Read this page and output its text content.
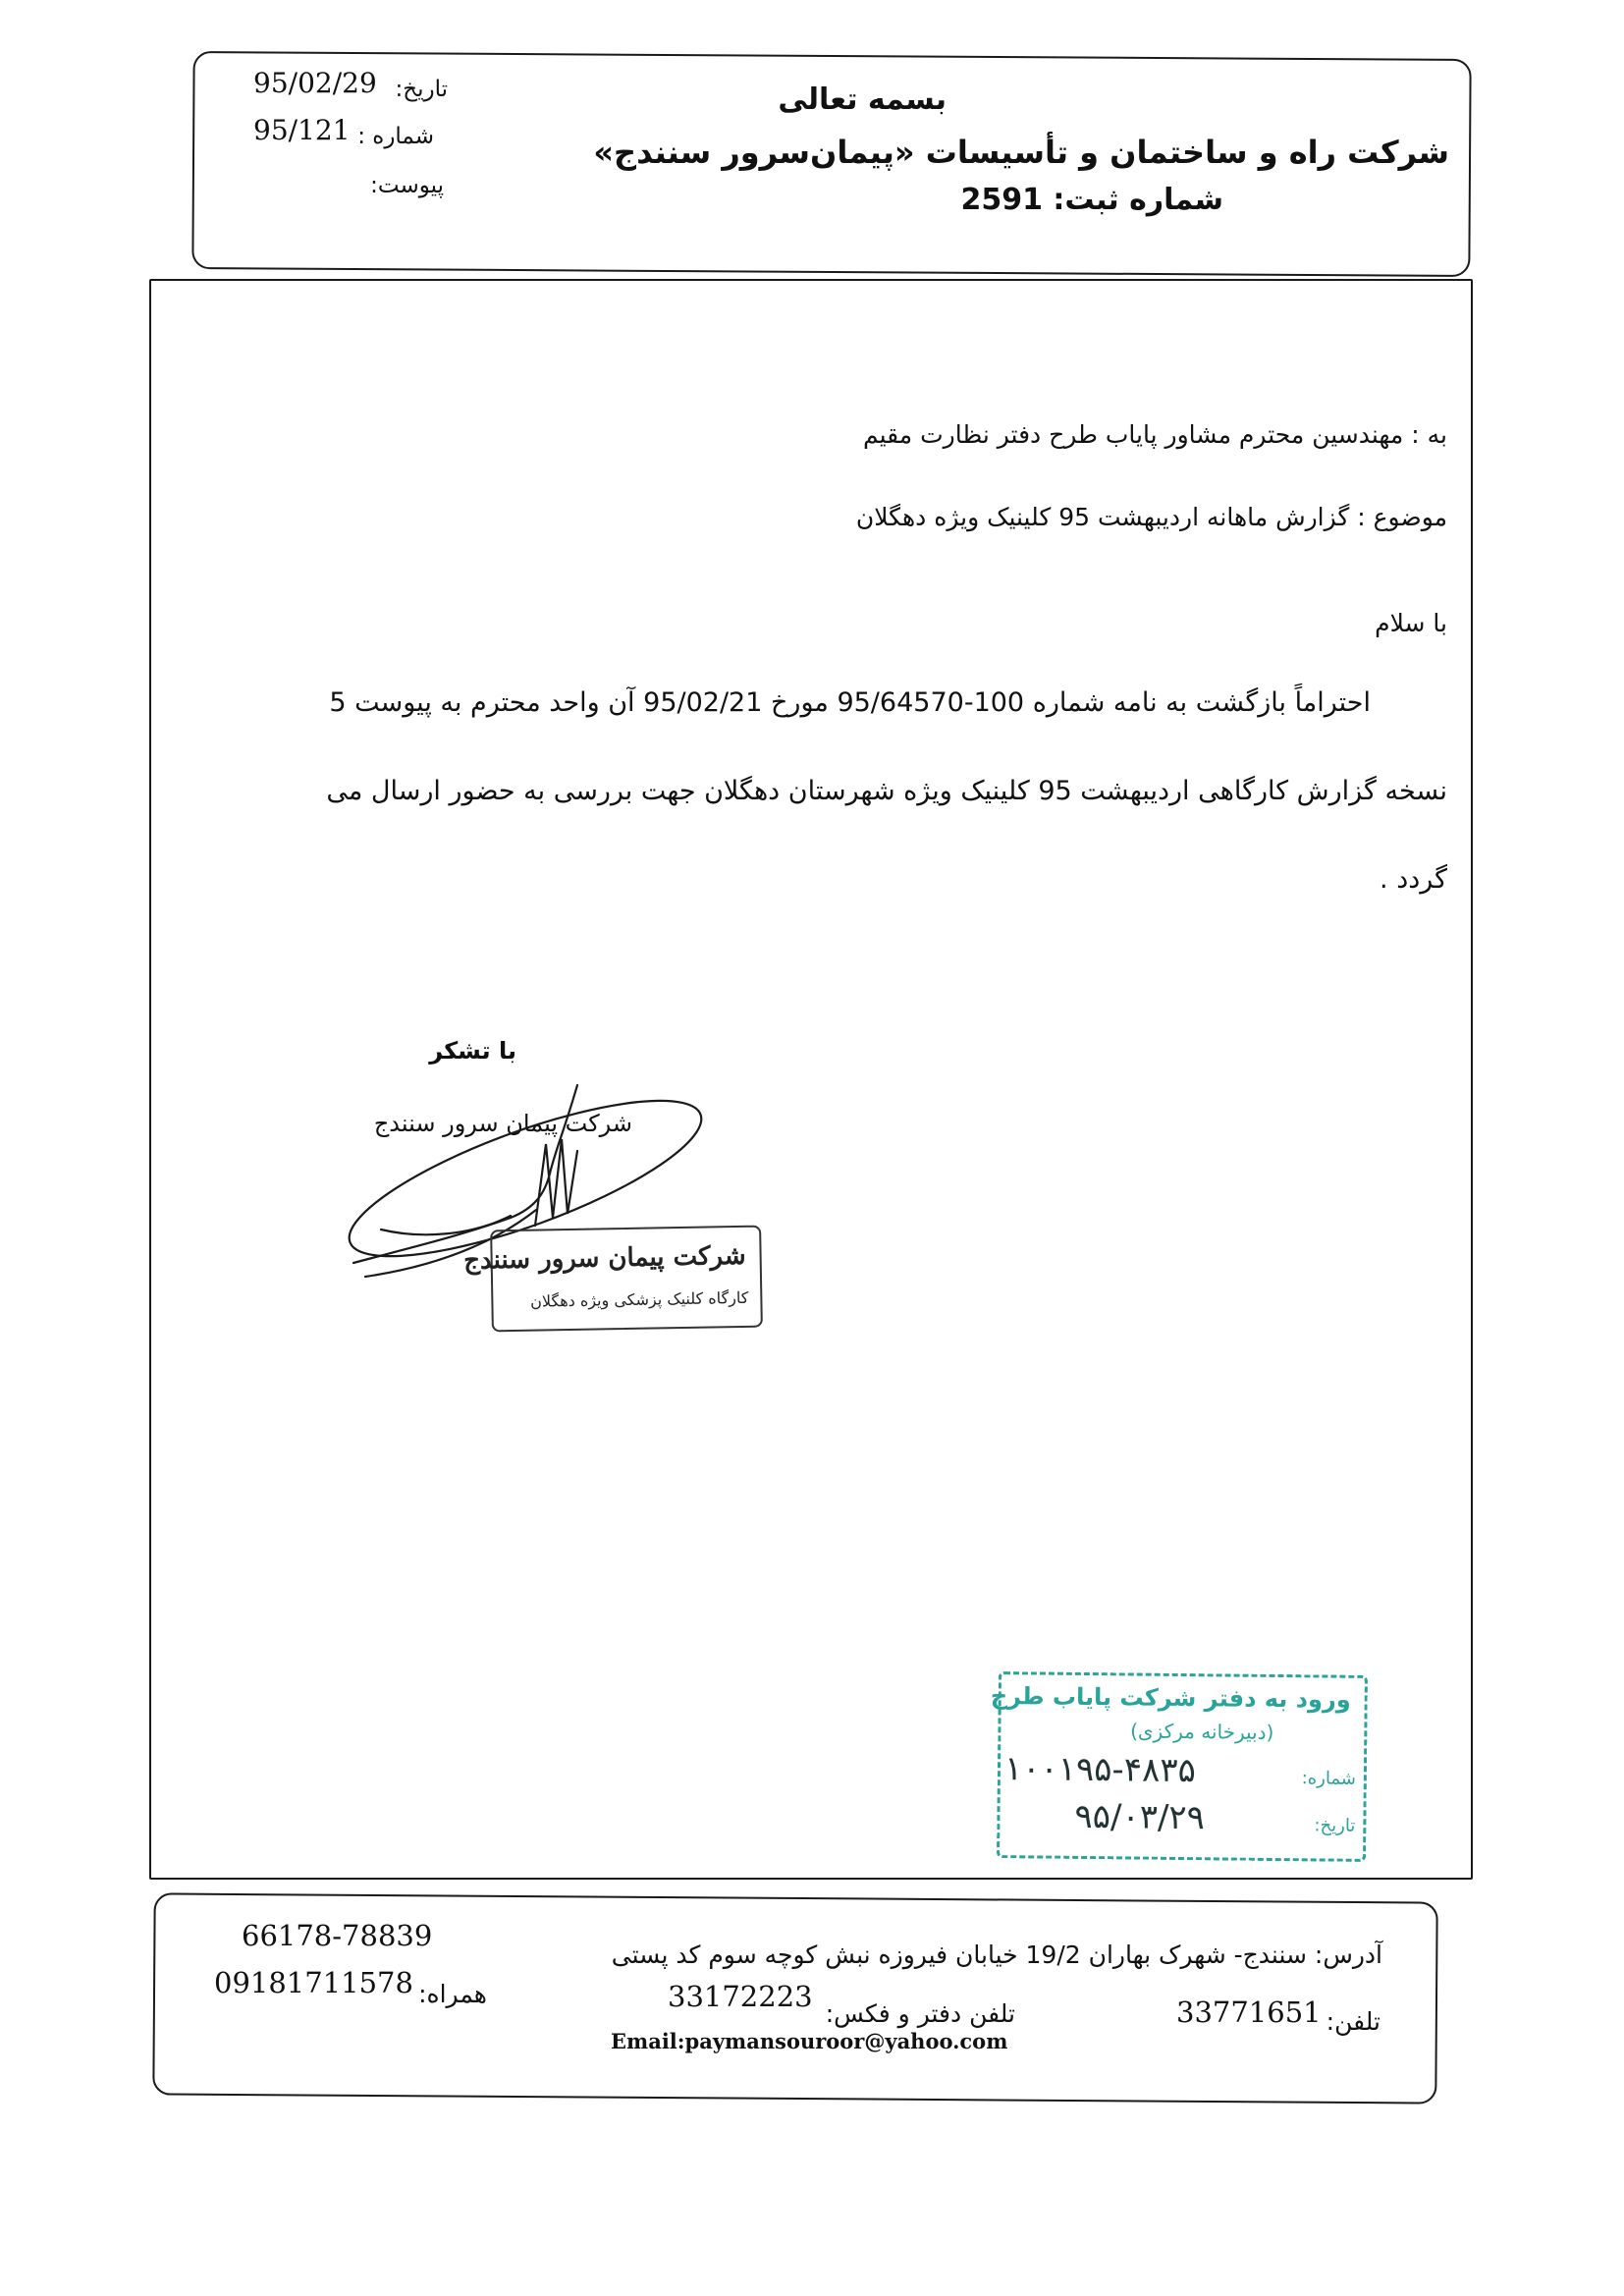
بسمه تعالی
شرکت راه و ساختمان و تأسیسات «پیمان‌سرور سنندج»
شماره ثبت: 2591
تاریخ:
95/02/29
شماره :
95/121
پیوست:
به : مهندسین محترم مشاور پایاب طرح دفتر نظارت مقیم
موضوع : گزارش ماهانه اردیبهشت 95 کلینیک ویژه دهگلان
با سلام
احتراماً بازگشت به نامه شماره 100-95/64570 مورخ 95/02/21 آن واحد محترم به پیوست 5
نسخه گزارش کارگاهی اردیبهشت 95 کلینیک ویژه شهرستان دهگلان جهت بررسی به حضور ارسال می
گردد .
با تشکر
شرکت پیمان سرور سنندج
شرکت پیمان سرور سنندج
کارگاه کلنیک پزشکی ویژه دهگلان
ورود به دفتر شرکت پایاب طرح
(دبیرخانه مرکزی)
شماره:
۱۰۰۱۹۵-۴۸۳۵
تاریخ:
۹۵/۰۳/۲۹
آدرس: سنندج- شهرک بهاران 19/2 خیابان فیروزه نبش کوچه سوم کد پستی
66178-78839
تلفن:
33771651
تلفن دفتر و فکس:
33172223
همراه:
09181711578
Email:paymansouroor@yahoo.com
